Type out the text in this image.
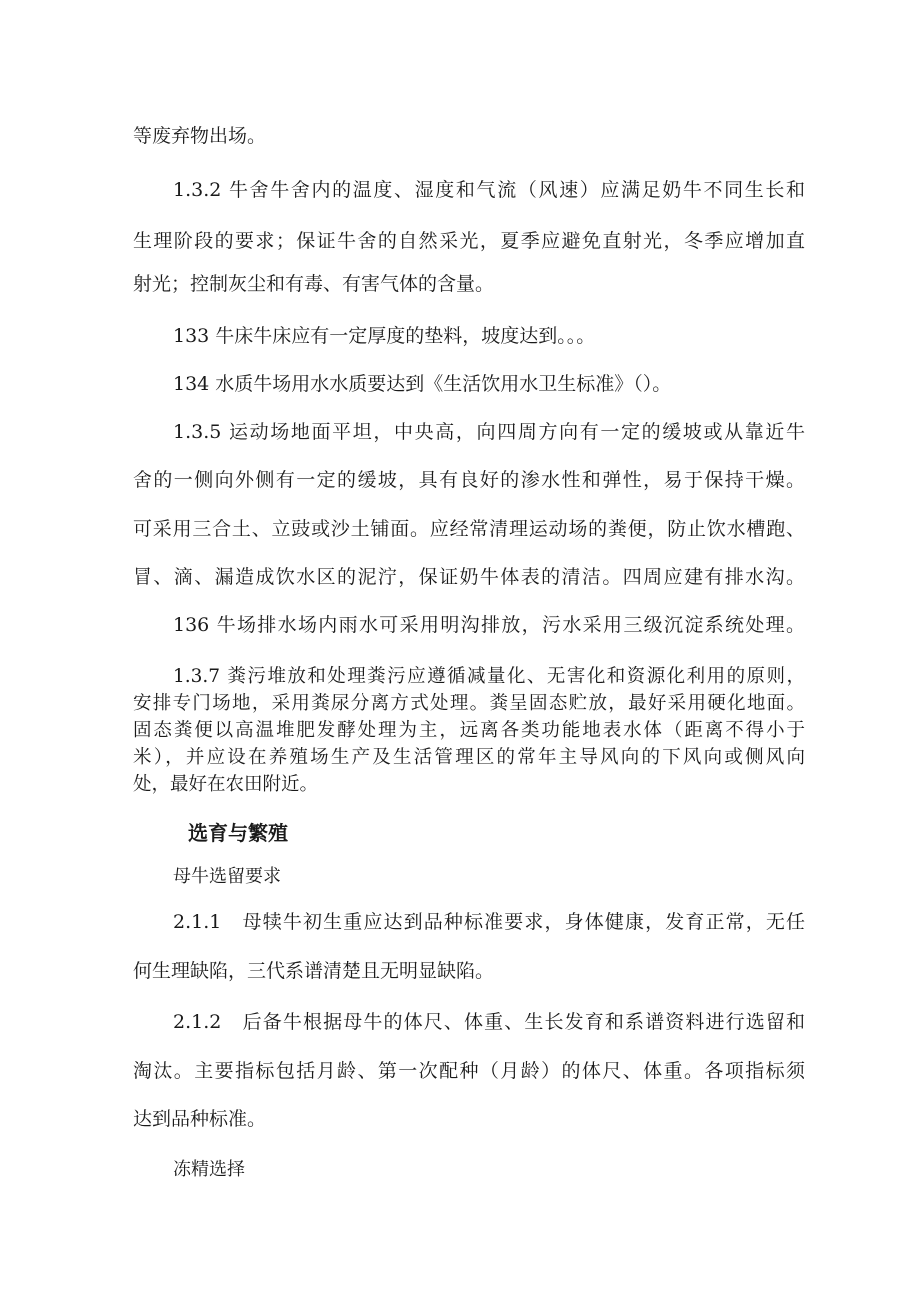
等废弃物出场。
1.3.2 牛舍牛舍内的温度、湿度和气流（风速）应满足奶牛不同生长和
生理阶段的要求；保证牛舍的自然采光，夏季应避免直射光，冬季应增加直
射光；控制灰尘和有毒、有害气体的含量。
133 牛床牛床应有一定厚度的垫料，坡度达到。。。
134 水质牛场用水水质要达到《生活饮用水卫生标准》（）。
1.3.5 运动场地面平坦，中央高，向四周方向有一定的缓坡或从靠近牛
舍的一侧向外侧有一定的缓坡，具有良好的渗水性和弹性，易于保持干燥。
可采用三合土、立豉或沙土铺面。应经常清理运动场的粪便，防止饮水槽跑、
冒、滴、漏造成饮水区的泥泞，保证奶牛体表的清洁。四周应建有排水沟。
136 牛场排水场内雨水可采用明沟排放，污水采用三级沉淀系统处理。
1.3.7 粪污堆放和处理粪污应遵循减量化、无害化和资源化利用的原则，
安排专门场地，采用粪尿分离方式处理。粪呈固态贮放，最好采用硬化地面。
固态粪便以高温堆肥发酵处理为主，远离各类功能地表水体（距离不得小于
米），并应设在养殖场生产及生活管理区的常年主导风向的下风向或侧风向
处，最好在农田附近。
选育与繁殖
母牛选留要求
2.1.1　母犊牛初生重应达到品种标准要求，身体健康，发育正常，无任
何生理缺陷，三代系谱清楚且无明显缺陷。
2.1.2　后备牛根据母牛的体尺、体重、生长发育和系谱资料进行选留和
淘汰。主要指标包括月龄、第一次配种（月龄）的体尺、体重。各项指标须
达到品种标准。
冻精选择
